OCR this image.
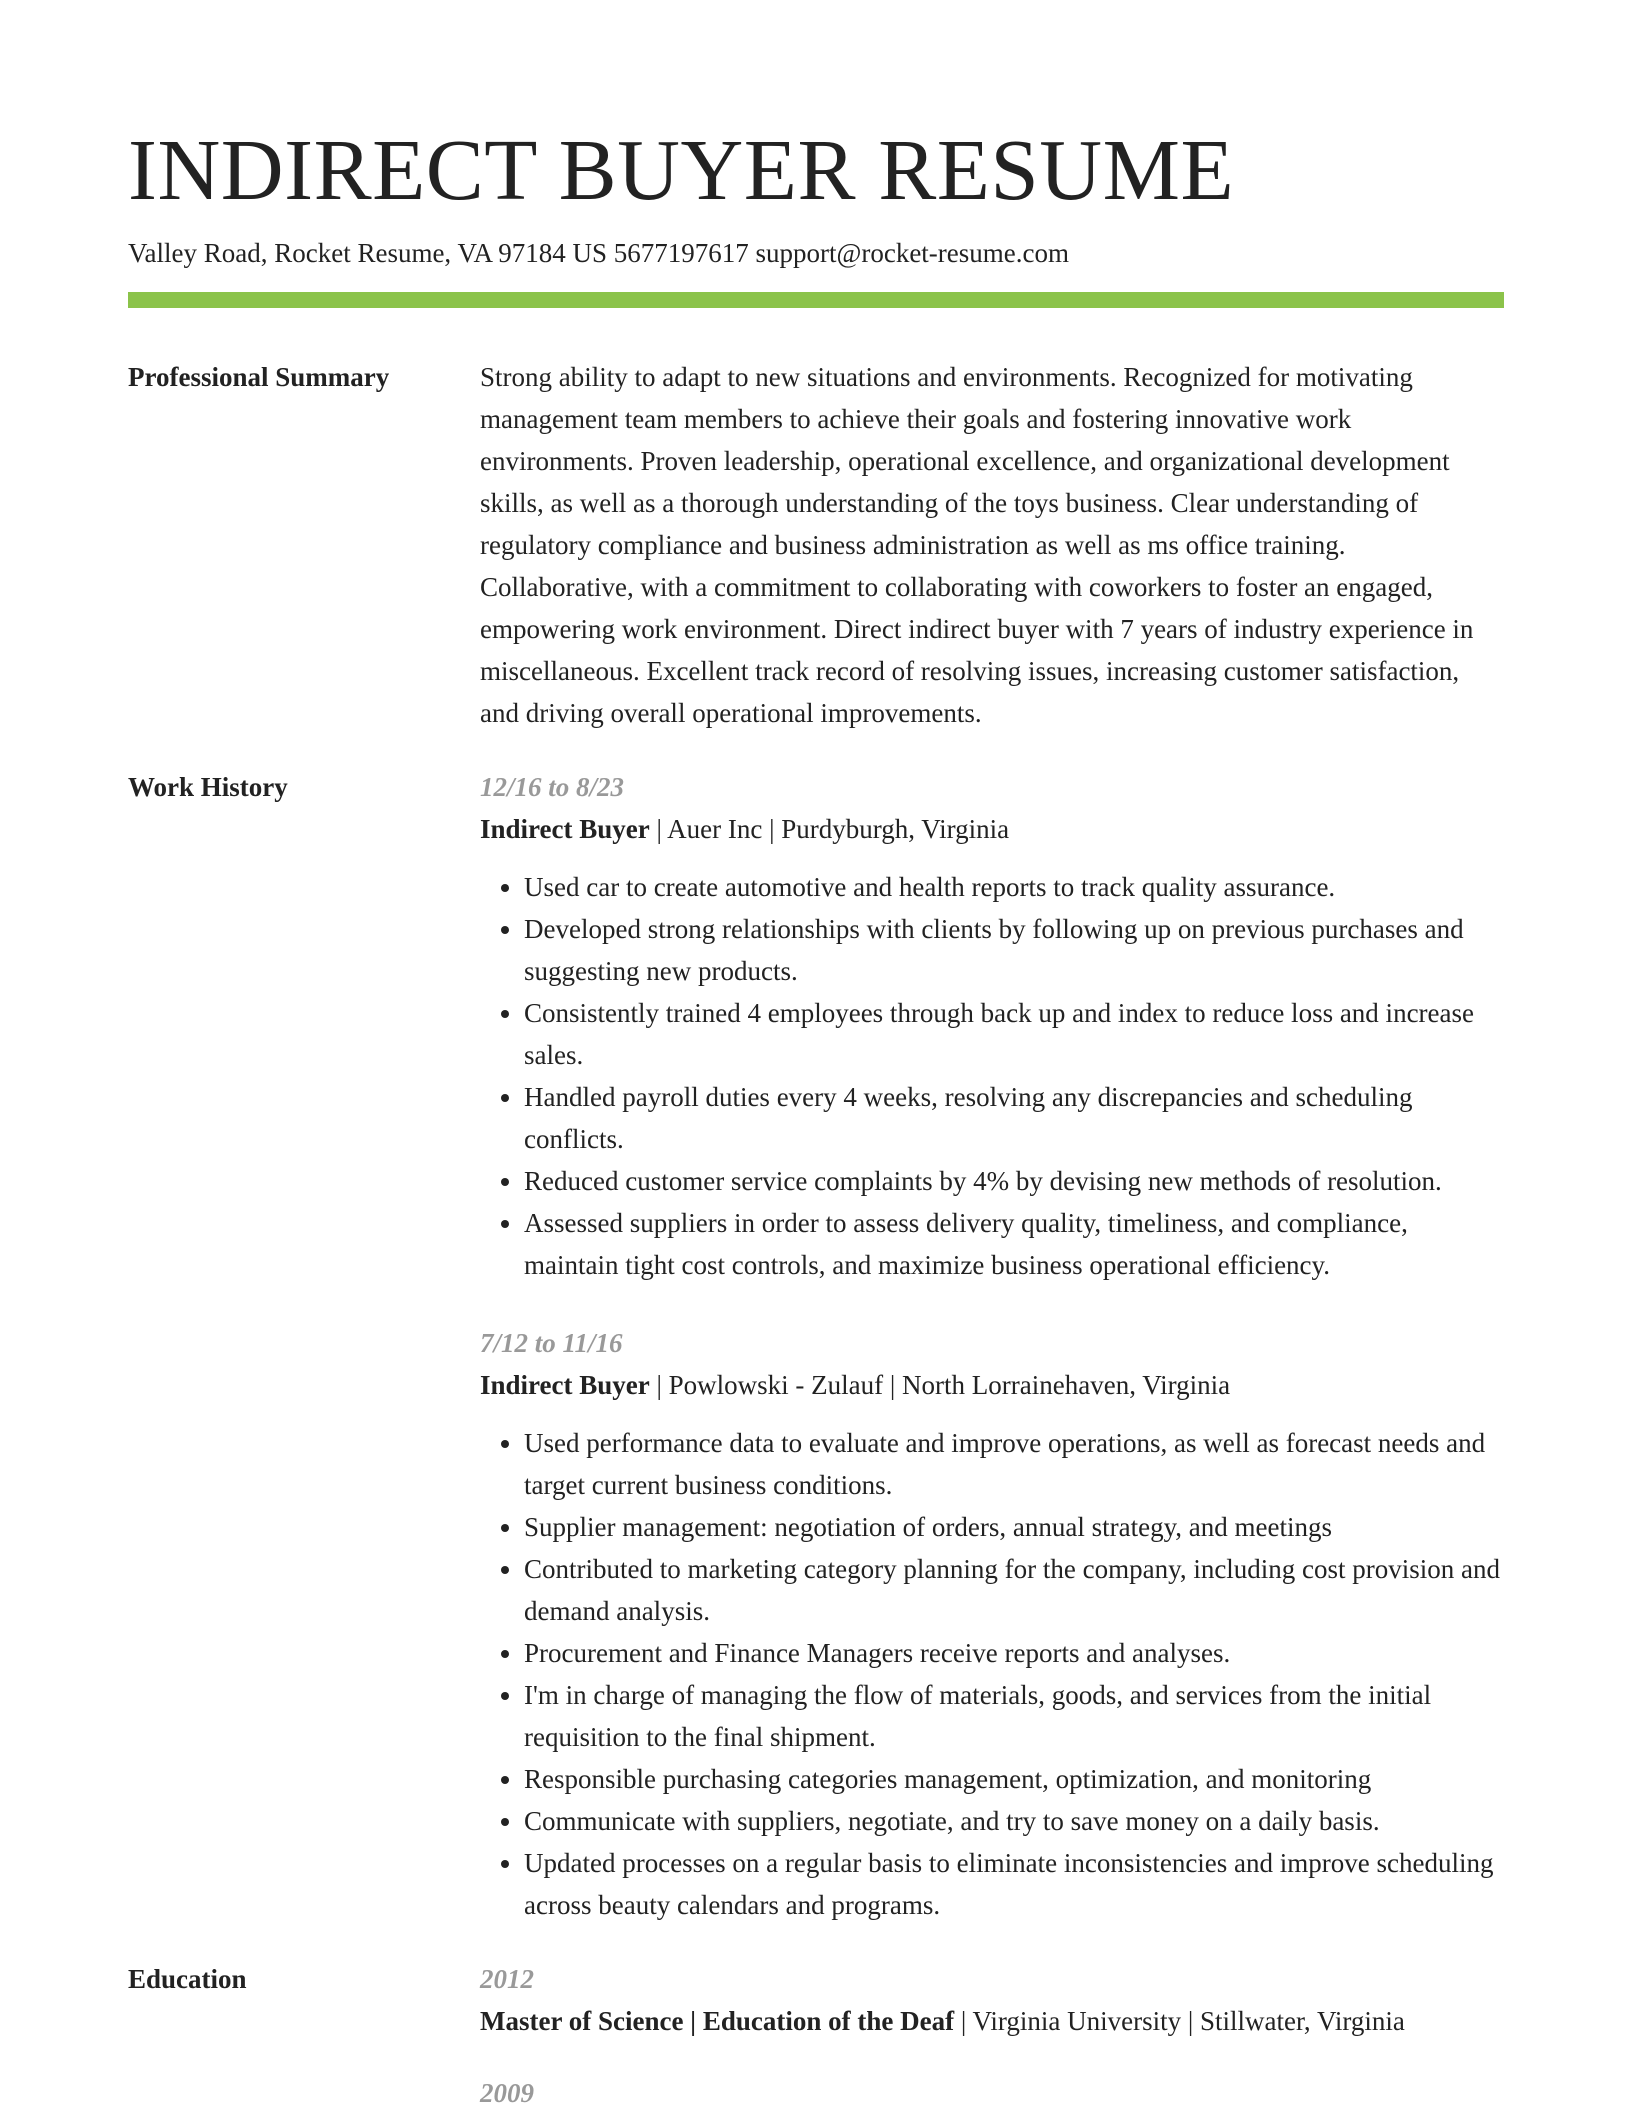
INDIRECT BUYER RESUME
Valley Road, Rocket Resume, VA 97184 US 5677197617 support@rocket-resume.com
Professional Summary	Strong ability to adapt to new situations and environments. Recognized for motivating management team members to achieve their goals and fostering innovative work environments. Proven leadership, operational excellence, and organizational development skills, as well as a thorough understanding of the toys business. Clear understanding of regulatory compliance and business administration as well as ms office training. Collaborative, with a commitment to collaborating with coworkers to foster an engaged, empowering work environment. Direct indirect buyer with 7 years of industry experience in miscellaneous. Excellent track record of resolving issues, increasing customer satisfaction, and driving overall operational improvements.

Work History	12/16 to 8/23
Indirect Buyer | Auer Inc | Purdyburgh, Virginia
• Used car to create automotive and health reports to track quality assurance.
• Developed strong relationships with clients by following up on previous purchases and suggesting new products.
• Consistently trained 4 employees through back up and index to reduce loss and increase sales.
• Handled payroll duties every 4 weeks, resolving any discrepancies and scheduling conflicts.
• Reduced customer service complaints by 4% by devising new methods of resolution.
• Assessed suppliers in order to assess delivery quality, timeliness, and compliance, maintain tight cost controls, and maximize business operational efficiency.
7/12 to 11/16
Indirect Buyer | Powlowski - Zulauf | North Lorrainehaven, Virginia
• Used performance data to evaluate and improve operations, as well as forecast needs and target current business conditions.
• Supplier management: negotiation of orders, annual strategy, and meetings
• Contributed to marketing category planning for the company, including cost provision and demand analysis.
• Procurement and Finance Managers receive reports and analyses.
• I'm in charge of managing the flow of materials, goods, and services from the initial requisition to the final shipment.
• Responsible purchasing categories management, optimization, and monitoring
• Communicate with suppliers, negotiate, and try to save money on a daily basis.
• Updated processes on a regular basis to eliminate inconsistencies and improve scheduling across beauty calendars and programs.
Education	2012
Master of Science | Education of the Deaf | Virginia University | Stillwater, Virginia
2009
